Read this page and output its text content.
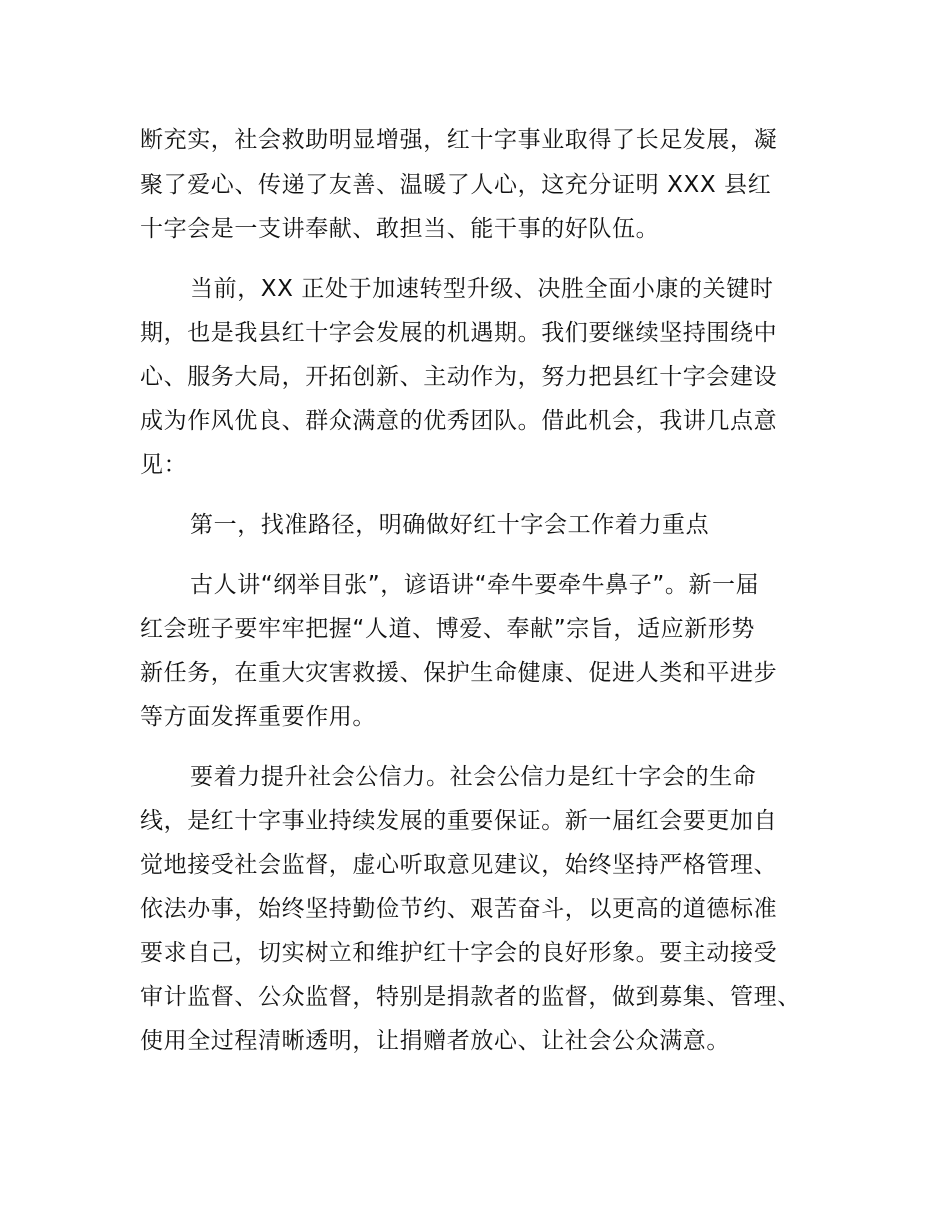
断充实，社会救助明显增强，红十字事业取得了长足发展，凝
聚了爱心、传递了友善、温暖了人心，这充分证明 XXX 县红
十字会是一支讲奉献、敢担当、能干事的好队伍。
当前，XX 正处于加速转型升级、决胜全面小康的关键时
期，也是我县红十字会发展的机遇期。我们要继续坚持围绕中
心、服务大局，开拓创新、主动作为，努力把县红十字会建设
成为作风优良、群众满意的优秀团队。借此机会，我讲几点意
见：
第一，找准路径，明确做好红十字会工作着力重点
古人讲“纲举目张”，谚语讲“牵牛要牵牛鼻子”。新一届
红会班子要牢牢把握“人道、博爱、奉献”宗旨，适应新形势
新任务，在重大灾害救援、保护生命健康、促进人类和平进步
等方面发挥重要作用。
要着力提升社会公信力。社会公信力是红十字会的生命
线，是红十字事业持续发展的重要保证。新一届红会要更加自
觉地接受社会监督，虚心听取意见建议，始终坚持严格管理、
依法办事，始终坚持勤俭节约、艰苦奋斗，以更高的道德标准
要求自己，切实树立和维护红十字会的良好形象。要主动接受
审计监督、公众监督，特别是捐款者的监督，做到募集、管理、
使用全过程清晰透明，让捐赠者放心、让社会公众满意。
